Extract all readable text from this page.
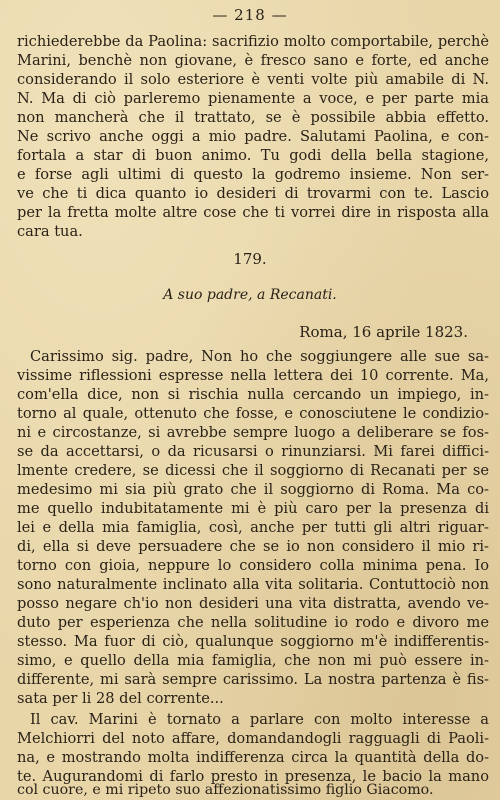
— 218 —
richiederebbe da Paolina: sacrifizio molto comportabile, perchè
Marini, benchè non giovane, è fresco sano e forte, ed anche
considerando il solo esteriore è venti volte più amabile di N.
N. Ma di ciò parleremo pienamente a voce, e per parte mia
non mancherà che il trattato, se è possibile abbia effetto.
Ne scrivo anche oggi a mio padre. Salutami Paolina, e con-
fortala a star di buon animo. Tu godi della bella stagione,
e forse agli ultimi di questo la godremo insieme. Non ser-
ve che ti dica quanto io desideri di trovarmi con te. Lascio
per la fretta molte altre cose che ti vorrei dire in risposta alla
cara tua.
179.
A suo padre, a Recanati.
Roma, 16 aprile 1823.
Carissimo sig. padre, Non ho che soggiungere alle sue sa-
vissime riflessioni espresse nella lettera dei 10 corrente. Ma,
com'ella dice, non si rischia nulla cercando un impiego, in-
torno al quale, ottenuto che fosse, e conosciutene le condizio-
ni e circostanze, si avrebbe sempre luogo a deliberare se fos-
se da accettarsi, o da ricusarsi o rinunziarsi. Mi farei diffici-
lmente credere, se dicessi che il soggiorno di Recanati per se
medesimo mi sia più grato che il soggiorno di Roma. Ma co-
me quello indubitatamente mi è più caro per la presenza di
lei e della mia famiglia, così, anche per tutti gli altri riguar-
di, ella si deve persuadere che se io non considero il mio ri-
torno con gioia, neppure lo considero colla minima pena. Io
sono naturalmente inclinato alla vita solitaria. Contuttociò non
posso negare ch'io non desideri una vita distratta, avendo ve-
duto per esperienza che nella solitudine io rodo e divoro me
stesso. Ma fuor di ciò, qualunque soggiorno m'è indifferentis-
simo, e quello della mia famiglia, che non mi può essere in-
differente, mi sarà sempre carissimo. La nostra partenza è fis-
sata per li 28 del corrente...
Il cav. Marini è tornato a parlare con molto interesse a
Melchiorri del noto affare, domandandogli ragguagli di Paoli-
na, e mostrando molta indifferenza circa la quantità della do-
te. Augurandomi di farlo presto in presenza, le bacio la mano
col cuore, e mi ripeto suo affezionatissimo figlio Giacomo.
